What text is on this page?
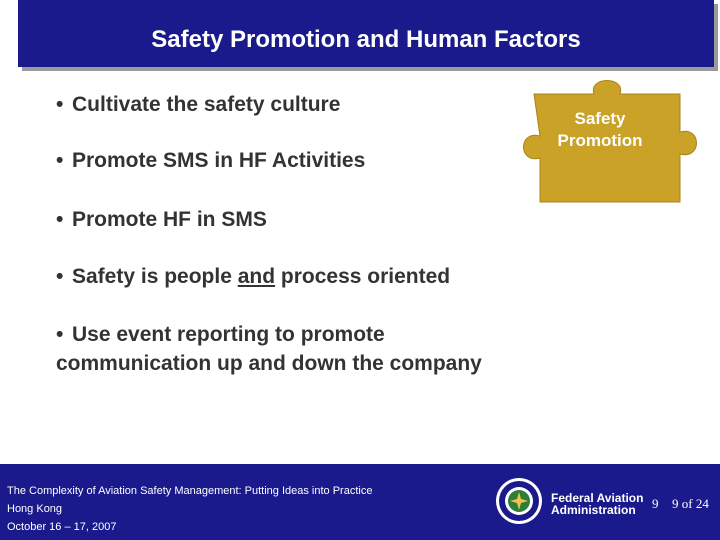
Safety Promotion and Human Factors
• Cultivate the safety culture
• Promote SMS in HF Activities
• Promote HF in SMS
• Safety is people and process oriented
• Use event reporting to promote
communication up and down the company
Safety
Promotion
The Complexity of Aviation Safety Management: Putting Ideas into Practice
Hong Kong
October 16 – 17, 2007
Federal Aviation
Administration	9 9 of 24
